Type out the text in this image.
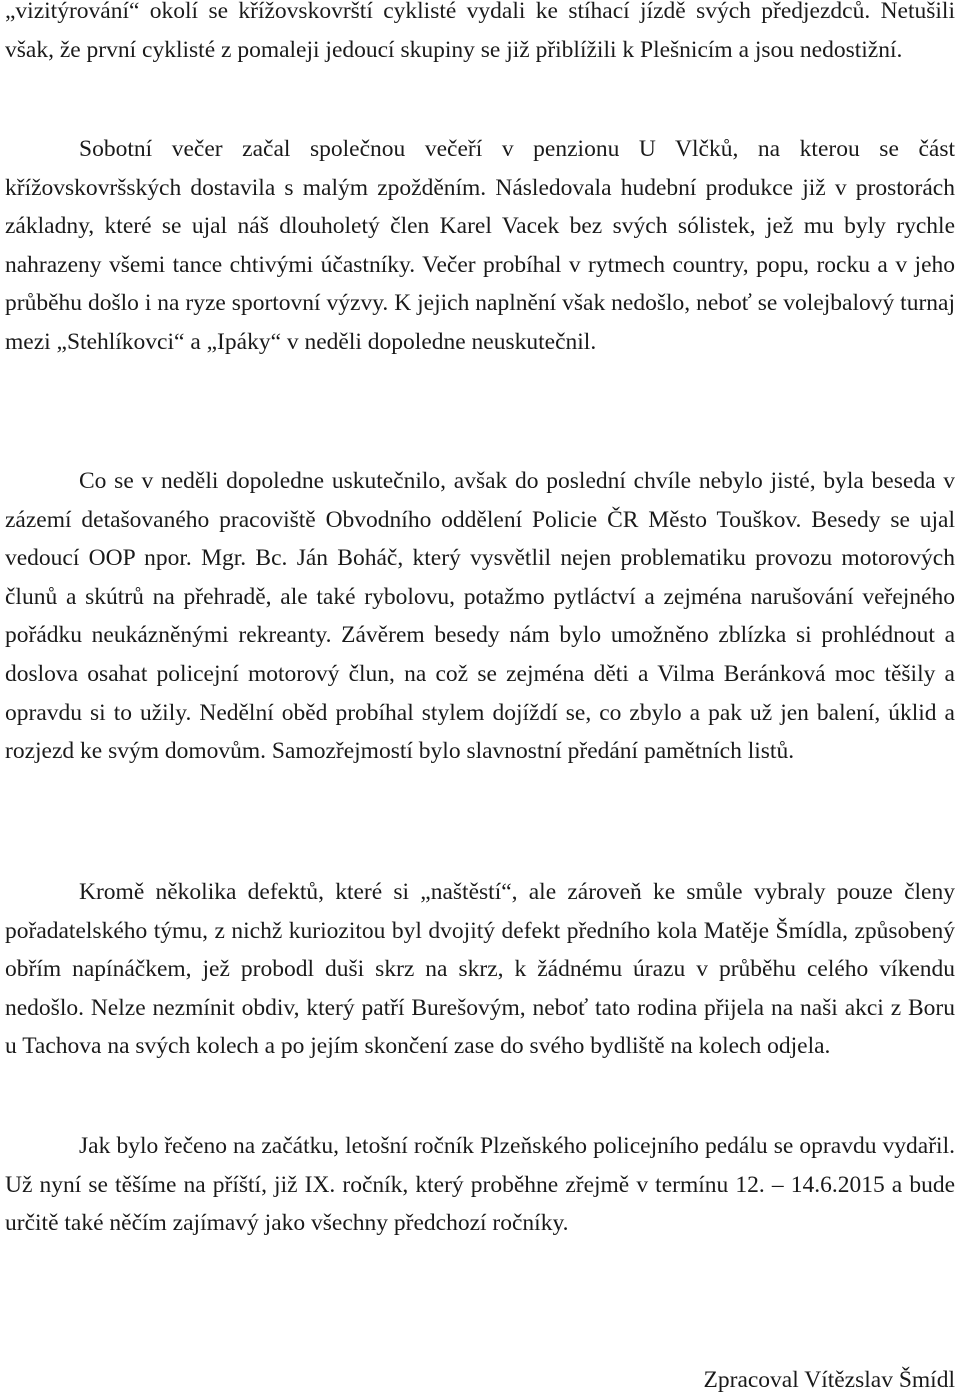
„vizitýrování“ okolí se křížovskovrští cyklisté vydali ke stíhací jízdě svých předjezdců. Netušili však, že první cyklisté z pomaleji jedoucí skupiny se již přiblížili k Plešnicím a jsou nedostižní.

Sobotní večer začal společnou večeří v penzionu U Vlčků, na kterou se část křížovskovršských dostavila s malým zpožděním. Následovala hudební produkce již v prostorách základny, které se ujal náš dlouholetý člen Karel Vacek bez svých sólistek, jež mu byly rychle nahrazeny všemi tance chtivými účastníky. Večer probíhal v rytmech country, popu, rocku a v jeho průběhu došlo i na ryze sportovní výzvy. K jejich naplnění však nedošlo, neboť se volejbalový turnaj mezi „Stehlíkovci“ a „Ipáky“ v neděli dopoledne neuskutečnil.

Co se v neděli dopoledne uskutečnilo, avšak do poslední chvíle nebylo jisté, byla beseda v zázemí detašovaného pracoviště Obvodního oddělení Policie ČR Město Touškov. Besedy se ujal vedoucí OOP npor. Mgr. Bc. Ján Boháč, který vysvětlil nejen problematiku provozu motorových člunů a skútrů na přehradě, ale také rybolovu, potažmo pytláctví a zejména narušování veřejného pořádku neukázněnými rekreanty. Závěrem besedy nám bylo umožněno zblízka si prohlédnout a doslova osahat policejní motorový člun, na což se zejména děti a Vilma Beránková moc těšily a opravdu si to užily. Nedělní oběd probíhal stylem dojíždí se, co zbylo a pak už jen balení, úklid a rozjezd ke svým domovům. Samozřejmostí bylo slavnostní předání pamětních listů.

Kromě několika defektů, které si „naštěstí“, ale zároveň ke smůle vybraly pouze členy pořadatelského týmu, z nichž kuriozitou byl dvojitý defekt předního kola Matěje Šmídla, způsobený obřím napínáčkem, jež probodl duši skrz na skrz, k žádnému úrazu v průběhu celého víkendu nedošlo. Nelze nezmínit obdiv, který patří Burešovým, neboť tato rodina přijela na naši akci z Boru u Tachova na svých kolech a po jejím skončení zase do svého bydliště na kolech odjela.

Jak bylo řečeno na začátku, letošní ročník Plzeňského policejního pedálu se opravdu vydařil. Už nyní se těšíme na příští, již IX. ročník, který proběhne zřejmě v termínu 12. – 14.6.2015 a bude určitě také něčím zajímavý jako všechny předchozí ročníky.

Zpracoval Vítězslav Šmídl
